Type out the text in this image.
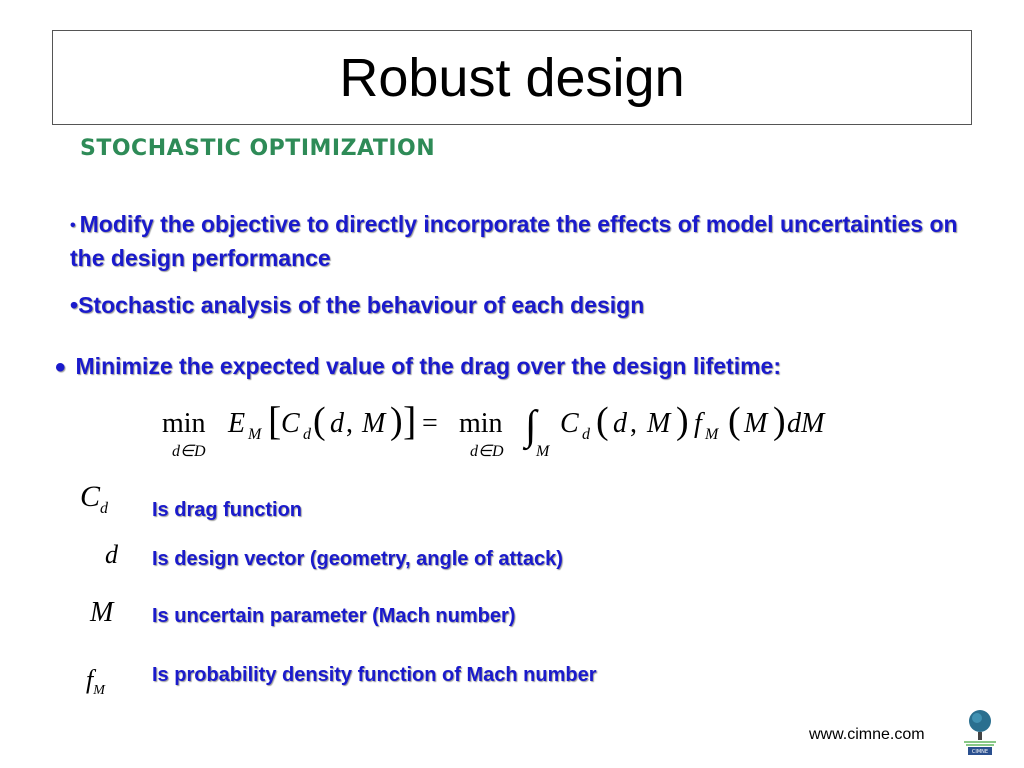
Robust design
STOCHASTIC OPTIMIZATION
• Modify the objective to directly incorporate the effects of model uncertainties on the design performance
•Stochastic analysis of the behaviour of each design
• Minimize the expected value of the drag over the design lifetime:
min
d∈D
E M [ C d ( d , M ) ] = min
d∈D
∫
M
C d ( d , M ) f M ( M ) dM
$C_d$ Is drag function
d Is design vector (geometry, angle of attack)
M Is uncertain parameter (Mach number)
$f_M$
Is probability density function of Mach number
www.cimne.com
CIMNE
